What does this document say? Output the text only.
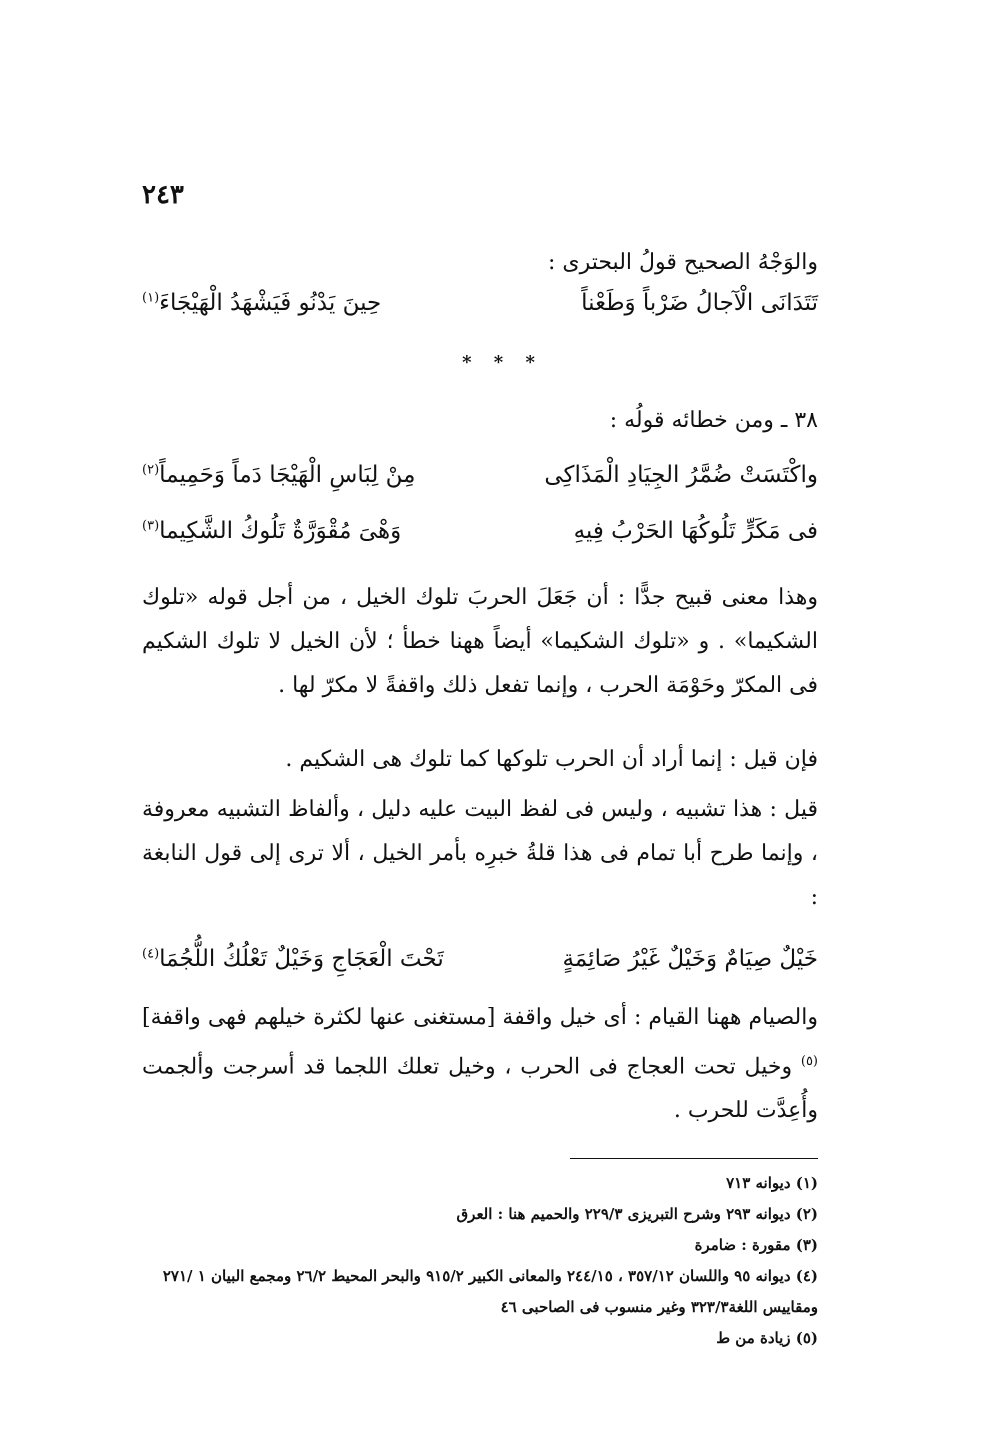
٢٤٣
والوَجْهُ الصحيح قولُ البحترى :
تَتَدَانَى الْآجالُ ضَرْباً وَطَعْناً
حِينَ يَدْنُو فَيَشْهَدُ الْهَيْجَاءَ$^{(١)}$
* * *
٣٨ ـ ومن خطائه قولُه :
واكْتَسَتْ ضُمَّرُ الجِيَادِ الْمَذَاكِى
مِنْ لِبَاسِ الْهَيْجَا دَماً وَحَمِيماً$^{(٢)}$
فى مَكَرٍّ تَلُوكُهَا الحَرْبُ فِيهِ
وَهْىَ مُقْوَرَّةٌ تَلُوكُ الشَّكِيما$^{(٣)}$
وهذا معنى قبيح جدًّا : أن جَعَلَ الحربَ تلوك الخيل ، من أجل قوله «تلوك الشكيما» . و «تلوك الشكيما» أيضاً ههنا خطأ ؛ لأن الخيل لا تلوك الشكيم فى المكرّ وحَوْمَة الحرب ، وإنما تفعل ذلك واقفةً لا مكرّ لها .
فإن قيل : إنما أراد أن الحرب تلوكها كما تلوك هى الشكيم .
قيل : هذا تشبيه ، وليس فى لفظ البيت عليه دليل ، وألفاظ التشبيه معروفة ، وإنما طرح أبا تمام فى هذا قلةُ خبرِه بأمر الخيل ، ألا ترى إلى قول النابغة :
خَيْلٌ صِيَامٌ وَخَيْلٌ غَيْرُ صَائِمَةٍ
تَحْتَ الْعَجَاجِ وَخَيْلٌ تَعْلُكُ اللُّجُمَا$^{(٤)}$
والصيام ههنا القيام : أى خيل واقفة [مستغنى عنها لكثرة خيلهم فهى واقفة]$^{(٥)}$ وخيل تحت العجاج فى الحرب ، وخيل تعلك اللجما قد أسرجت وألجمت وأُعِدَّت للحرب .
(١) ديوانه ٧١٣
(٢) ديوانه ٢٩٣ وشرح التبريزى ٢٢٩/٣ والحميم هنا : العرق
(٣) مقورة : ضامرة
(٤) ديوانه ٩٥ واللسان ٣٥٧/١٢ ، ٢٤٤/١٥ والمعانى الكبير ٩١٥/٢ والبحر المحيط ٢٦/٢ ومجمع البيان ١ /٢٧١ ومقاييس اللغة٣٢٣/٣ وغير منسوب فى الصاحبى ٤٦
(٥) زيادة من ط
